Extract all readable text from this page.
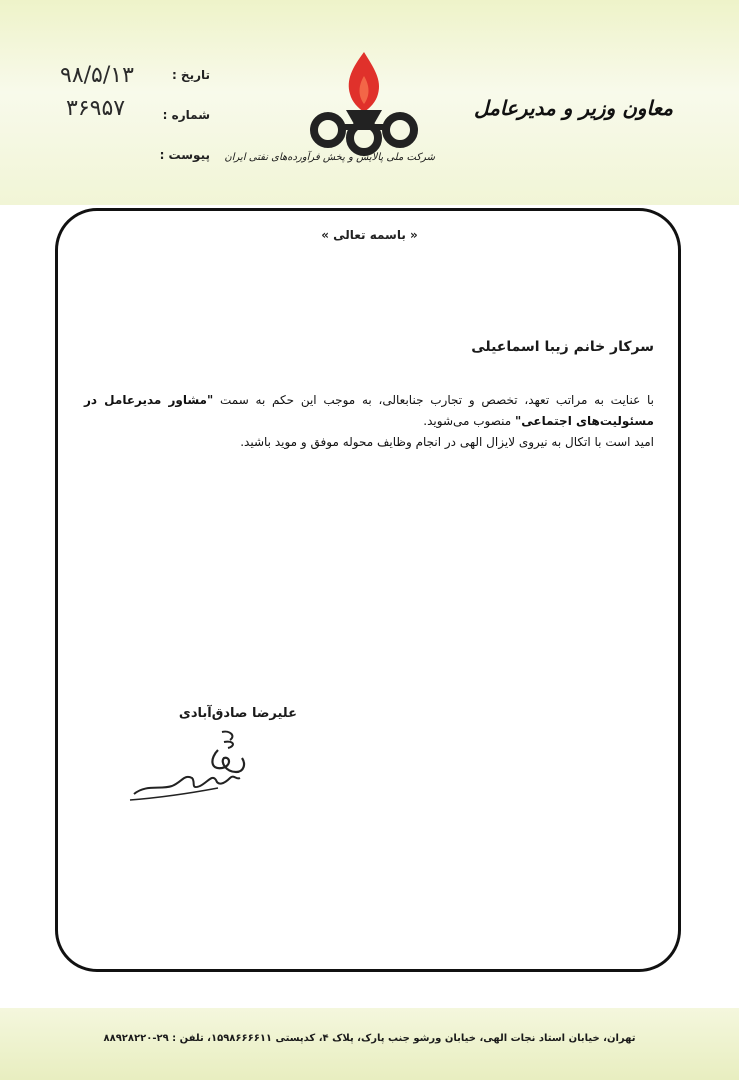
تاریخ :
شماره :
پیوست :
۹۸/۵/۱۳
۳۶۹۵۷
شرکت ملی پالایش و پخش فرآورده‌های نفتی ایران
معاون وزیر و مدیرعامل
« باسمه تعالی »
سرکار خانم زیبا اسماعیلی

با عنایت به مراتب تعهد، تخصص و تجارب جنابعالی، به موجب این حکم به سمت "مشاور مدیرعامل در مسئولیت‌های اجتماعی" منصوب می‌شوید.

امید است با اتکال به نیروی لایزال الهی در انجام وظایف محوله موفق و موید باشید.

علیرضا صادق‌آبادی
تهران، خیابان استاد نجات الهی، خیابان ورشو جنب پارک، پلاک ۴، کدپستی ۱۵۹۸۶۶۶۶۱۱، تلفن : ۲۹-۸۸۹۲۸۲۲۰
